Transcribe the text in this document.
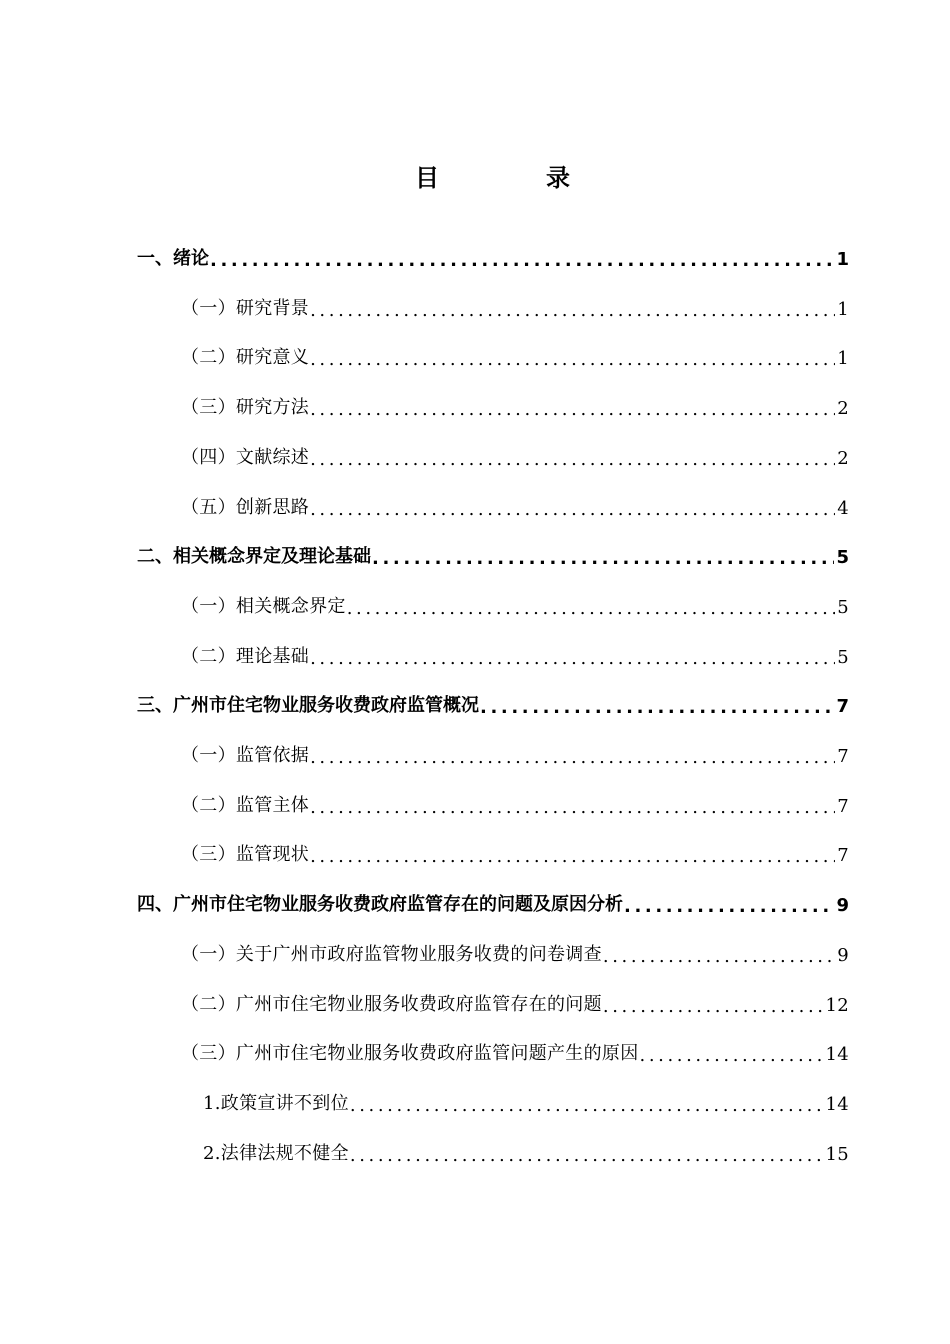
目	录
一、绪论 .....	1
（一）研究背景 .....	1
（二）研究意义 .....	1
（三）研究方法 .....	2
（四）文献综述 .....	2
（五）创新思路 .....	4
二、相关概念界定及理论基础 .....	5
（一）相关概念界定 .....	5
（二）理论基础 .....	5
三、广州市住宅物业服务收费政府监管概况 .....	7
（一）监管依据 .....	7
（二）监管主体 .....	7
（三）监管现状 .....	7
四、广州市住宅物业服务收费政府监管存在的问题及原因分析 .....	9
（一）关于广州市政府监管物业服务收费的问卷调查 .....	9
（二）广州市住宅物业服务收费政府监管存在的问题 .....	12
（三）广州市住宅物业服务收费政府监管问题产生的原因 .....	14
1.政策宣讲不到位 .....	14
2.法律法规不健全 .....	15
